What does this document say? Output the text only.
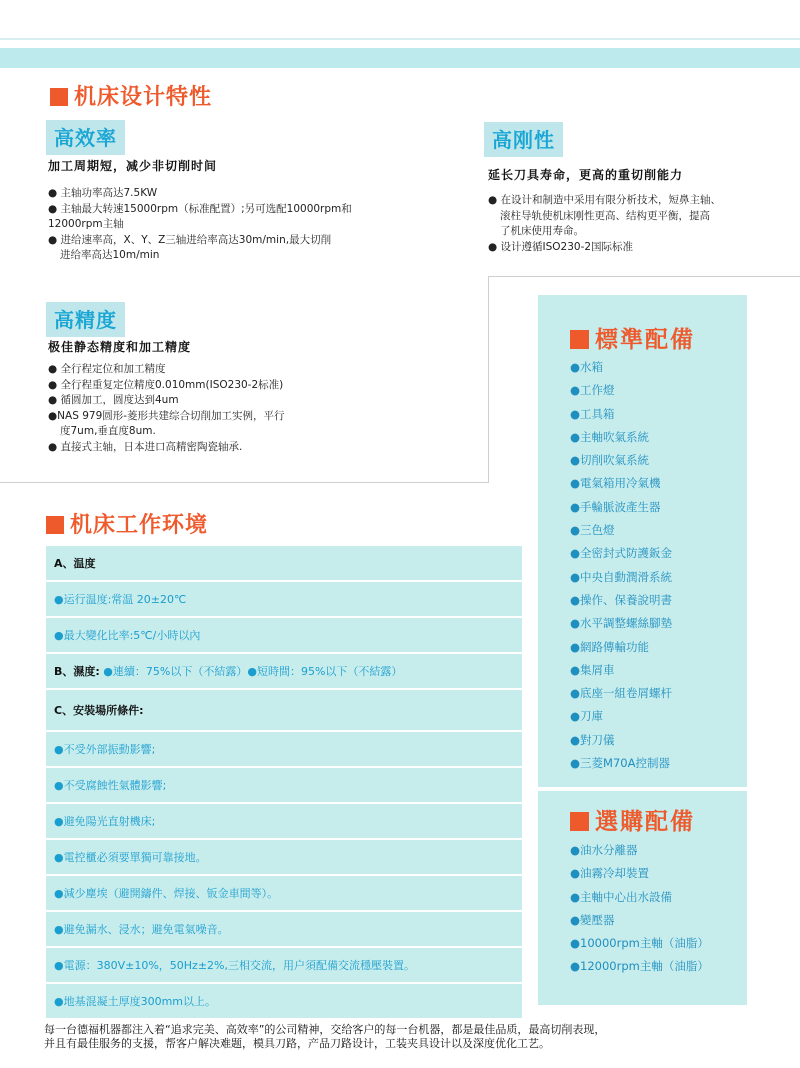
机床设计特性
高效率
加工周期短，减少非切削时间
● 主轴功率高达7.5KW
● 主轴最大转速15000rpm（标准配置）;另可选配10000rpm和
12000rpm主轴
● 进给速率高，X、Y、Z三轴进给率高达30m/min,最大切削
进给率高达10m/min
高刚性
延长刀具寿命，更高的重切削能力
● 在设计和制造中采用有限分析技术，短鼻主轴、
滚柱导轨使机床刚性更高、结构更平衡，提高
了机床使用寿命。
● 设计遵循ISO230-2国际标准
高精度
极佳静态精度和加工精度
● 全行程定位和加工精度
● 全行程重复定位精度0.010mm(ISO230-2标准)
● 循圆加工，圆度达到4um
●NAS 979圆形-菱形共建综合切削加工实例，平行
度7um,垂直度8um.
● 直接式主轴，日本进口高精密陶瓷轴承.
机床工作环境
A、温度
●运行温度:常温 20±20℃
●最大變化比率:5℃/小時以內
B、濕度:
●連續：75%以下（不結露）●短時間：95%以下（不結露）
C、安裝場所條件:
●不受外部振動影響;
●不受腐蝕性氣體影響;
●避免陽光直射機床;
●電控櫃必須要單獨可靠接地。
●減少塵埃（避開鑄件、焊接、钣金車間等）。
●避免漏水、浸水；避免電氣噪音。
●電源：380V±10%，50Hz±2%,三相交流，用户須配備交流穩壓裝置。
●地基混凝土厚度300mm以上。
標準配備
●水箱
●工作燈
●工具箱
●主軸吹氣系統
●切削吹氣系統
●電氣箱用冷氣機
●手輪脈波產生器
●三色燈
●全密封式防護鈑金
●中央自動潤滑系統
●操作、保養說明書
●水平調整螺絲腳墊
●網路傳輸功能
●集屑車
●底座一組卷屑螺杆
●刀庫
●對刀儀
●三菱M70A控制器
選購配備
●油水分離器
●油霧冷却裝置
●主軸中心出水設備
●變壓器
●10000rpm主軸（油脂）
●12000rpm主軸（油脂）
每一台德福机器都注入着“追求完美、高效率”的公司精神，交给客户的每一台机器，都是最佳品质，最高切削表现，
并且有最佳服务的支援，帮客户解决难题，模具刀路，产品刀路设计，工装夹具设计以及深度优化工艺。
